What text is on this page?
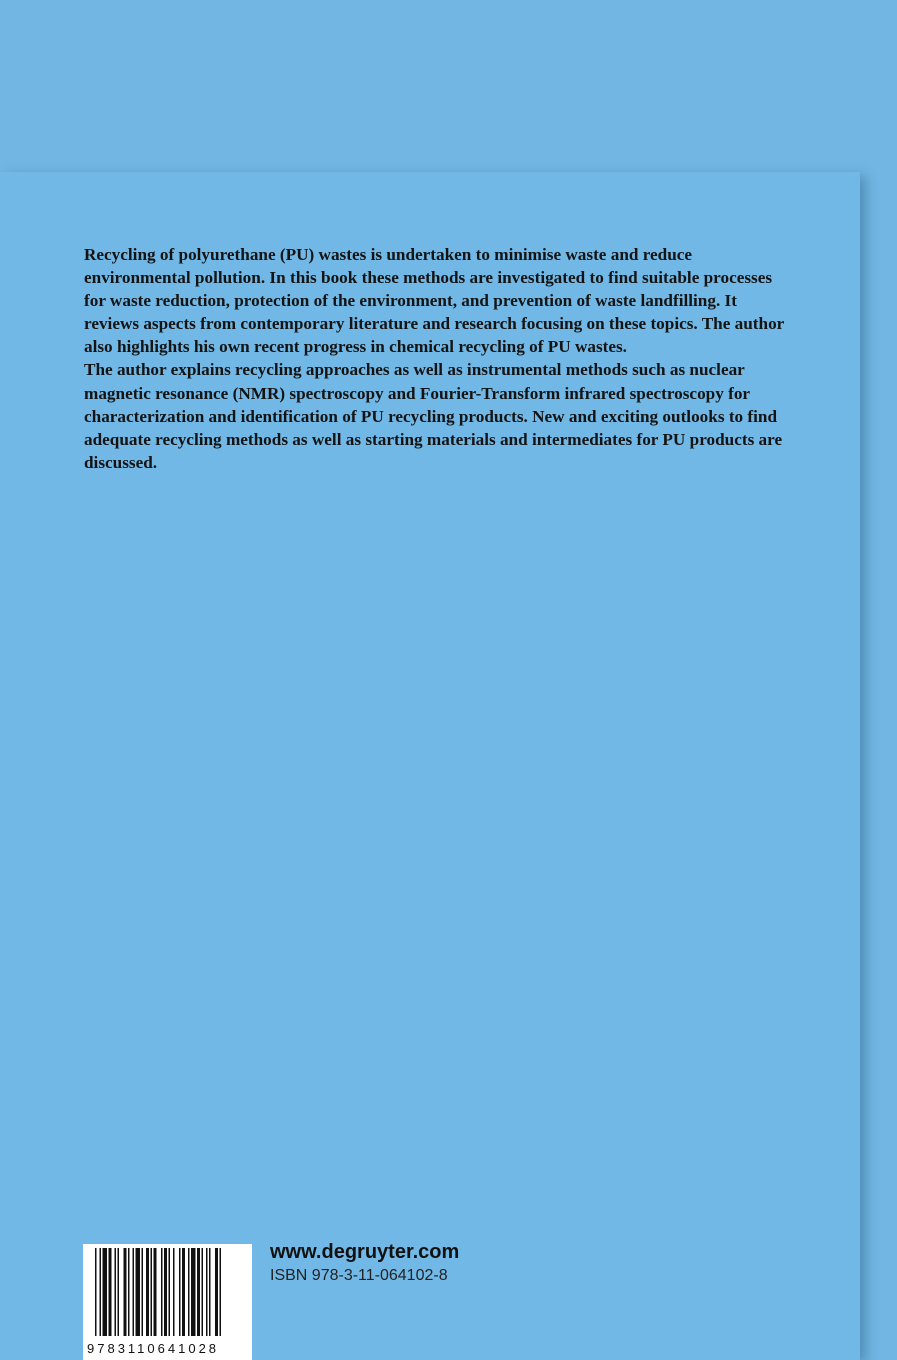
Recycling of polyurethane (PU) wastes is undertaken to minimise waste and reduce environmental pollution. In this book these methods are investigated to find suitable processes for waste reduction, protection of the environment, and prevention of waste landfilling. It reviews aspects from contemporary literature and research focusing on these topics. The author also highlights his own recent progress in chemical recycling of PU wastes.

The author explains recycling approaches as well as instrumental methods such as nuclear magnetic resonance (NMR) spectroscopy and Fourier-Transform infrared spectroscopy for characterization and identification of PU recycling products. New and exciting outlooks to find adequate recycling methods as well as starting materials and intermediates for PU products are discussed.

9783110641028
www.degruyter.com
ISBN 978-3-11-064102-8
